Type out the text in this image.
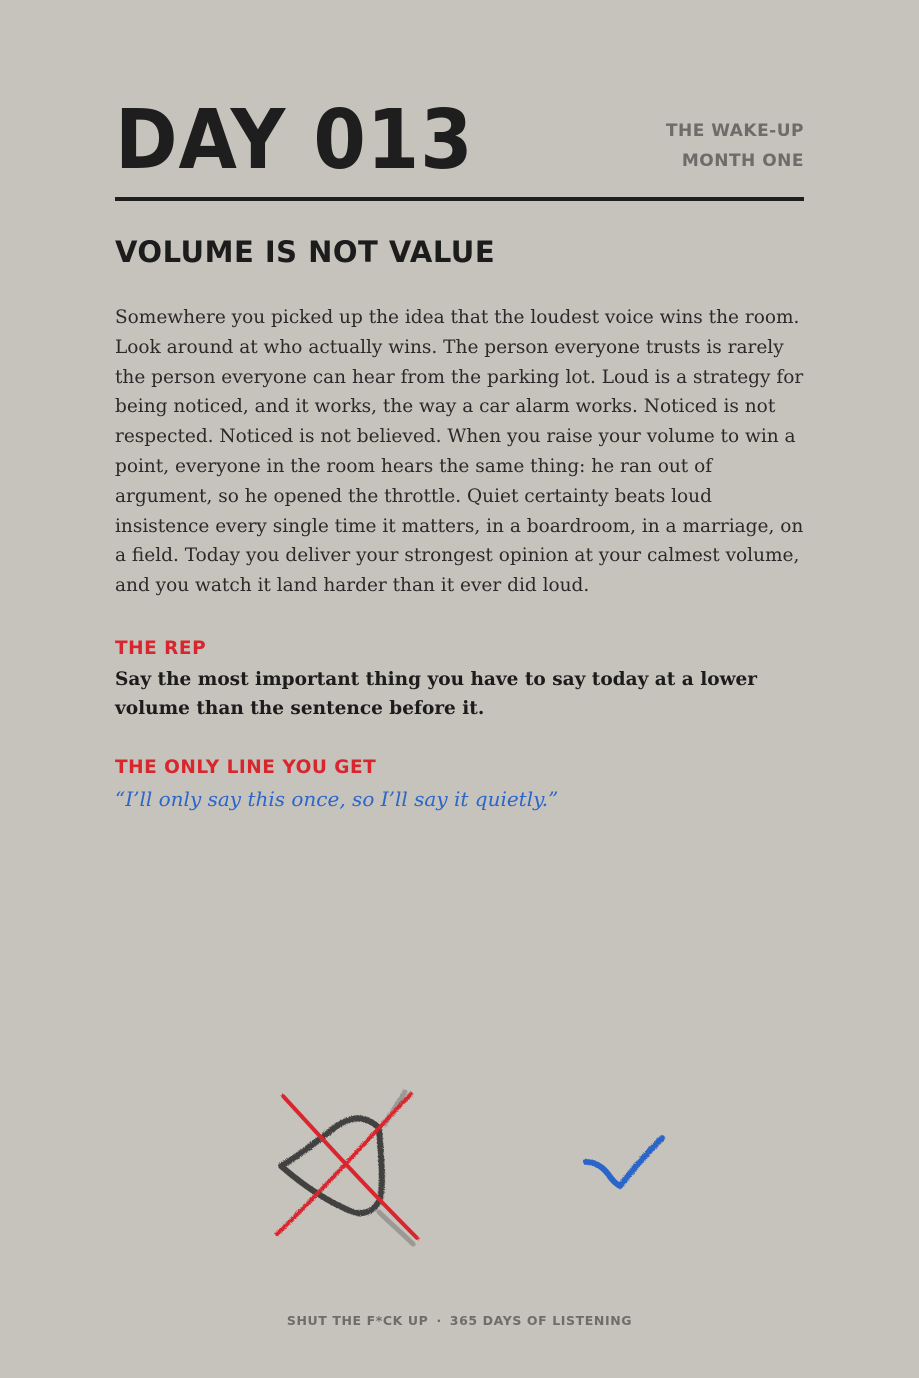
DAY 013	THE WAKE-UP
MONTH ONE
VOLUME IS NOT VALUE

Somewhere you picked up the idea that the loudest voice wins the room. Look around at who actually wins. The person everyone trusts is rarely the person everyone can hear from the parking lot. Loud is a strategy for being noticed, and it works, the way a car alarm works. Noticed is not respected. Noticed is not believed. When you raise your volume to win a point, everyone in the room hears the same thing: he ran out of argument, so he opened the throttle. Quiet certainty beats loud insistence every single time it matters, in a boardroom, in a marriage, on a field. Today you deliver your strongest opinion at your calmest volume, and you watch it land harder than it ever did loud.

THE REP

Say the most important thing you have to say today at a lower volume than the sentence before it.

THE ONLY LINE YOU GET

“I’ll only say this once, so I’ll say it quietly.”

SHUT THE F*CK UP · 365 DAYS OF LISTENING
